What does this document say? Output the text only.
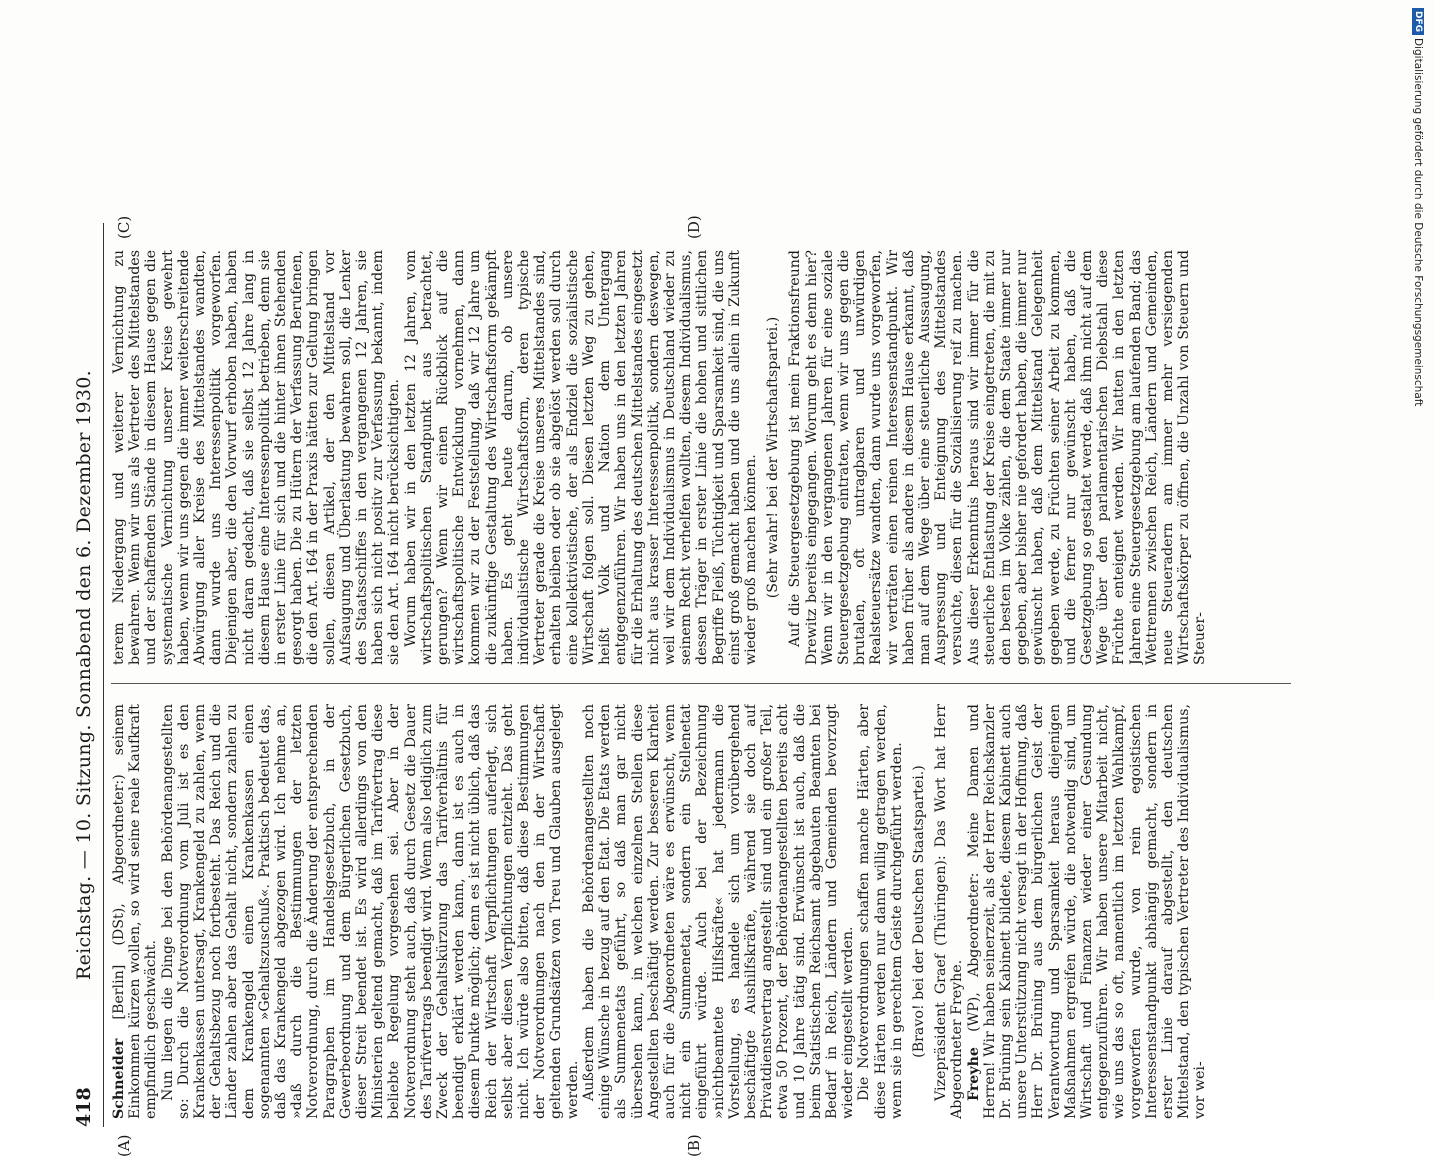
DFGDigitalisierung gefördert durch die Deutsche Forschungsgemeinschaft
418
Reichstag. — 10. Sitzung. Sonnabend den 6. Dezember 1930.
(A)	(B)
(C)	(D)

Schneider [Berlin] (DSt), Abgeordneter:) seinem Einkommen kürzen wollen, so wird seine reale Kaufkraft empfindlich geschwächt. Nun liegen die Dinge bei den Behördenangestellten so: Durch die Notverordnung vom Juli ist es den Krankenkassen untersagt, Krankengeld zu zahlen, wenn der Gehaltsbezug noch fortbesteht. Das Reich und die Länder zahlen aber das Gehalt nicht, sondern zahlen zu dem Krankengeld einen Krankenkassen einen sogenannten »Gehaltszuschuß«. Praktisch bedeutet das, daß das Krankengeld abgezogen wird. Ich nehme an, »daß durch die Bestimmungen der letzten Notverordnung, durch die Änderung der entsprechenden Paragraphen im Handelsgesetzbuch, in der Gewerbeordnung und dem Bürgerlichen Gesetzbuch, dieser Streit beendet ist. Es wird allerdings von den Ministerien geltend gemacht, daß im Tarifvertrag diese beliebte Regelung vorgesehen sei. Aber in der Notverordnung steht auch, daß durch Gesetz die Dauer des Tarifvertrags beendigt wird. Wenn also lediglich zum Zweck der Gehaltskürzung das Tarifverhältnis für beendigt erklärt werden kann, dann ist es auch in diesem Punkte möglich; denn es ist nicht üblich, daß das Reich der Wirtschaft Verpflichtungen auferlegt, sich selbst aber diesen Verpflichtungen entzieht. Das geht nicht. Ich würde also bitten, daß diese Bestimmungen der Notverordnungen nach den in der Wirtschaft geltenden Grundsätzen von Treu und Glauben ausgelegt werden. Außerdem haben die Behördenangestellten noch einige Wünsche in bezug auf den Etat. Die Etats werden als Summenetats geführt, so daß man gar nicht übersehen kann, in welchen einzelnen Stellen diese Angestellten beschäftigt werden. Zur besseren Klarheit auch für die Abgeordneten wäre es erwünscht, wenn nicht ein Summenetat, sondern ein Stellenetat eingeführt würde. Auch bei der Bezeichnung »nichtbeamtete Hilfskräfte« hat jedermann die Vorstellung, es handele sich um vorübergehend beschäftigte Aushilfskräfte, während sie doch auf Privatdienstvertrag angestellt sind und ein großer Teil, etwa 50 Prozent, der Behördenangestellten bereits acht und 10 Jahre tätig sind. Erwünscht ist auch, daß die beim Statistischen Reichsamt abgebauten Beamten bei Bedarf in Reich, Ländern und Gemeinden bevorzugt wieder eingestellt werden. Die Notverordnungen schaffen manche Härten, aber diese Härten werden nur dann willig getragen werden, wenn sie in gerechtem Geiste durchgeführt werden. (Bravo! bei der Deutschen Staatspartei.) Vizepräsident Graef (Thüringen): Das Wort hat Herr Abgeordneter Freyhe. Freyhe (WP), Abgeordneter: Meine Damen und Herren! Wir haben seinerzeit, als der Herr Reichskanzler Dr. Brüning sein Kabinett bildete, diesem Kabinett auch unsere Unterstützung nicht versagt in der Hoffnung, daß Herr Dr. Brüning aus dem bürgerlichen Geist der Verantwortung und Sparsamkeit heraus diejenigen Maßnahmen ergreifen würde, die notwendig sind, um Wirtschaft und Finanzen wieder einer Gesundung entgegenzuführen. Wir haben unsere Mitarbeit nicht, wie uns das so oft, namentlich im letzten Wahlkampf, vorgeworfen wurde, von rein egoistischen Interessenstandpunkt abhängig gemacht, sondern in erster Linie darauf abgestellt, den deutschen Mittelstand, den typischen Vertreter des Individualismus, vor wei-

terem Niedergang und weiterer Vernichtung zu bewahren. Wenn wir uns als Vertreter des Mittelstandes und der schaffenden Stände in diesem Hause gegen die systematische Vernichtung unserer Kreise gewehrt haben, wenn wir uns gegen die immer weiterschreitende Abwürgung aller Kreise des Mittelstandes wandten, dann wurde uns Interessenpolitik vorgeworfen. Diejenigen aber, die den Vorwurf erhoben haben, haben nicht daran gedacht, daß sie selbst 12 Jahre lang in diesem Hause eine Interessenpolitik betrieben, denn sie in erster Linie für sich und die hinter ihnen Stehenden gesorgt haben. Die zu Hütern der Verfassung Berufenen, die den Art. 164 in der Praxis hätten zur Geltung bringen sollen, diesen Artikel, der den Mittelstand vor Aufsaugung und Überlastung bewahren soll, die Lenker des Staatsschiffes in den vergangenen 12 Jahren, sie haben sich nicht positiv zur Verfassung bekannt, indem sie den Art. 164 nicht berücksichtigten. Worum haben wir in den letzten 12 Jahren, vom wirtschaftspolitischen Standpunkt aus betrachtet, gerungen? Wenn wir einen Rückblick auf die wirtschaftspolitische Entwicklung vornehmen, dann kommen wir zu der Feststellung, daß wir 12 Jahre um die zukünftige Gestaltung des Wirtschaftsform gekämpft haben. Es geht heute darum, ob unsere individualistische Wirtschaftsform, deren typische Vertreter gerade die Kreise unseres Mittelstandes sind, erhalten bleiben oder ob sie abgelöst werden soll durch eine kollektivistische, der als Endziel die sozialistische Wirtschaft folgen soll. Diesen letzten Weg zu gehen, heißt Volk und Nation dem Untergang entgegenzuführen. Wir haben uns in den letzten Jahren für die Erhaltung des deutschen Mittelstandes eingesetzt nicht aus krasser Interessenpolitik, sondern deswegen, weil wir dem Individualismus in Deutschland wieder zu seinem Recht verhelfen wollten, diesem Individualismus, dessen Träger in erster Linie die hohen und sittlichen Begriffe Fleiß, Tüchtigkeit und Sparsamkeit sind, die uns einst groß gemacht haben und die uns allein in Zukunft wieder groß machen können. (Sehr wahr! bei der Wirtschaftspartei.) Auf die Steuergesetzgebung ist mein Fraktionsfreund Drewitz bereits eingegangen. Worum geht es denn hier? Wenn wir in den vergangenen Jahren für eine soziale Steuergesetzgebung eintraten, wenn wir uns gegen die brutalen, oft untragbaren und unwürdigen Realsteuersätze wandten, dann wurde uns vorgeworfen, wir verträten einen reinen Interessenstandpunkt. Wir haben früher als andere in diesem Hause erkannt, daß man auf dem Wege über eine steuerliche Aussaugung, Auspressung und Enteignung des Mittelstandes versuchte, diesen für die Sozialisierung reif zu machen. Aus dieser Erkenntnis heraus sind wir immer für die steuerliche Entlastung der Kreise eingetreten, die mit zu den besten im Volke zählen, die dem Staate immer nur gegeben, aber bisher nie gefordert haben, die immer nur gewünscht haben, daß dem Mittelstand Gelegenheit gegeben werde, zu Früchten seiner Arbeit zu kommen, und die ferner nur gewünscht haben, daß die Gesetzgebung so gestaltet werde, daß ihm nicht auf dem Wege über den parlamentarischen Diebstahl diese Früchte enteignet werden. Wir hatten in den letzten Jahren eine Steuergesetzgebung am laufenden Band; das Wettrennen zwischen Reich, Ländern und Gemeinden, neue Steueradern am immer mehr versiegenden Wirtschaftskörper zu öffnen, die Unzahl von Steuern und Steuer-
